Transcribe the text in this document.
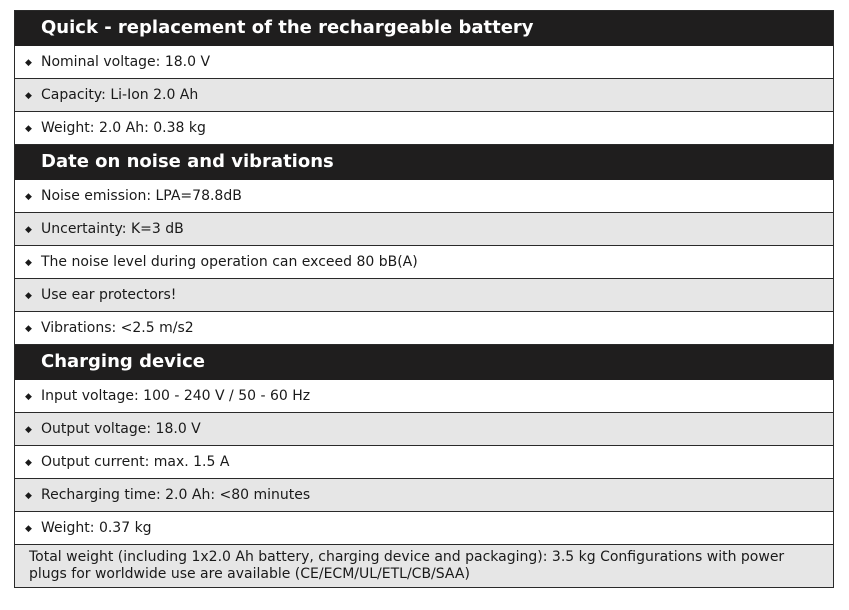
Quick - replacement of the rechargeable battery
◆ Nominal voltage: 18.0 V
◆ Capacity: Li-Ion 2.0 Ah
◆ Weight: 2.0 Ah: 0.38 kg
Date on noise and vibrations
◆ Noise emission: LPA=78.8dB
◆ Uncertainty: K=3 dB
◆ The noise level during operation can exceed 80 bB(A)
◆ Use ear protectors!
◆ Vibrations: <2.5 m/s2
Charging device
◆ Input voltage: 100 - 240 V / 50 - 60 Hz
◆ Output voltage: 18.0 V
◆ Output current: max. 1.5 A
◆ Recharging time: 2.0 Ah: <80 minutes
◆ Weight: 0.37 kg
Total weight (including 1x2.0 Ah battery, charging device and packaging): 3.5 kg Configurations with power plugs for worldwide use are available (CE/ECM/UL/ETL/CB/SAA)
